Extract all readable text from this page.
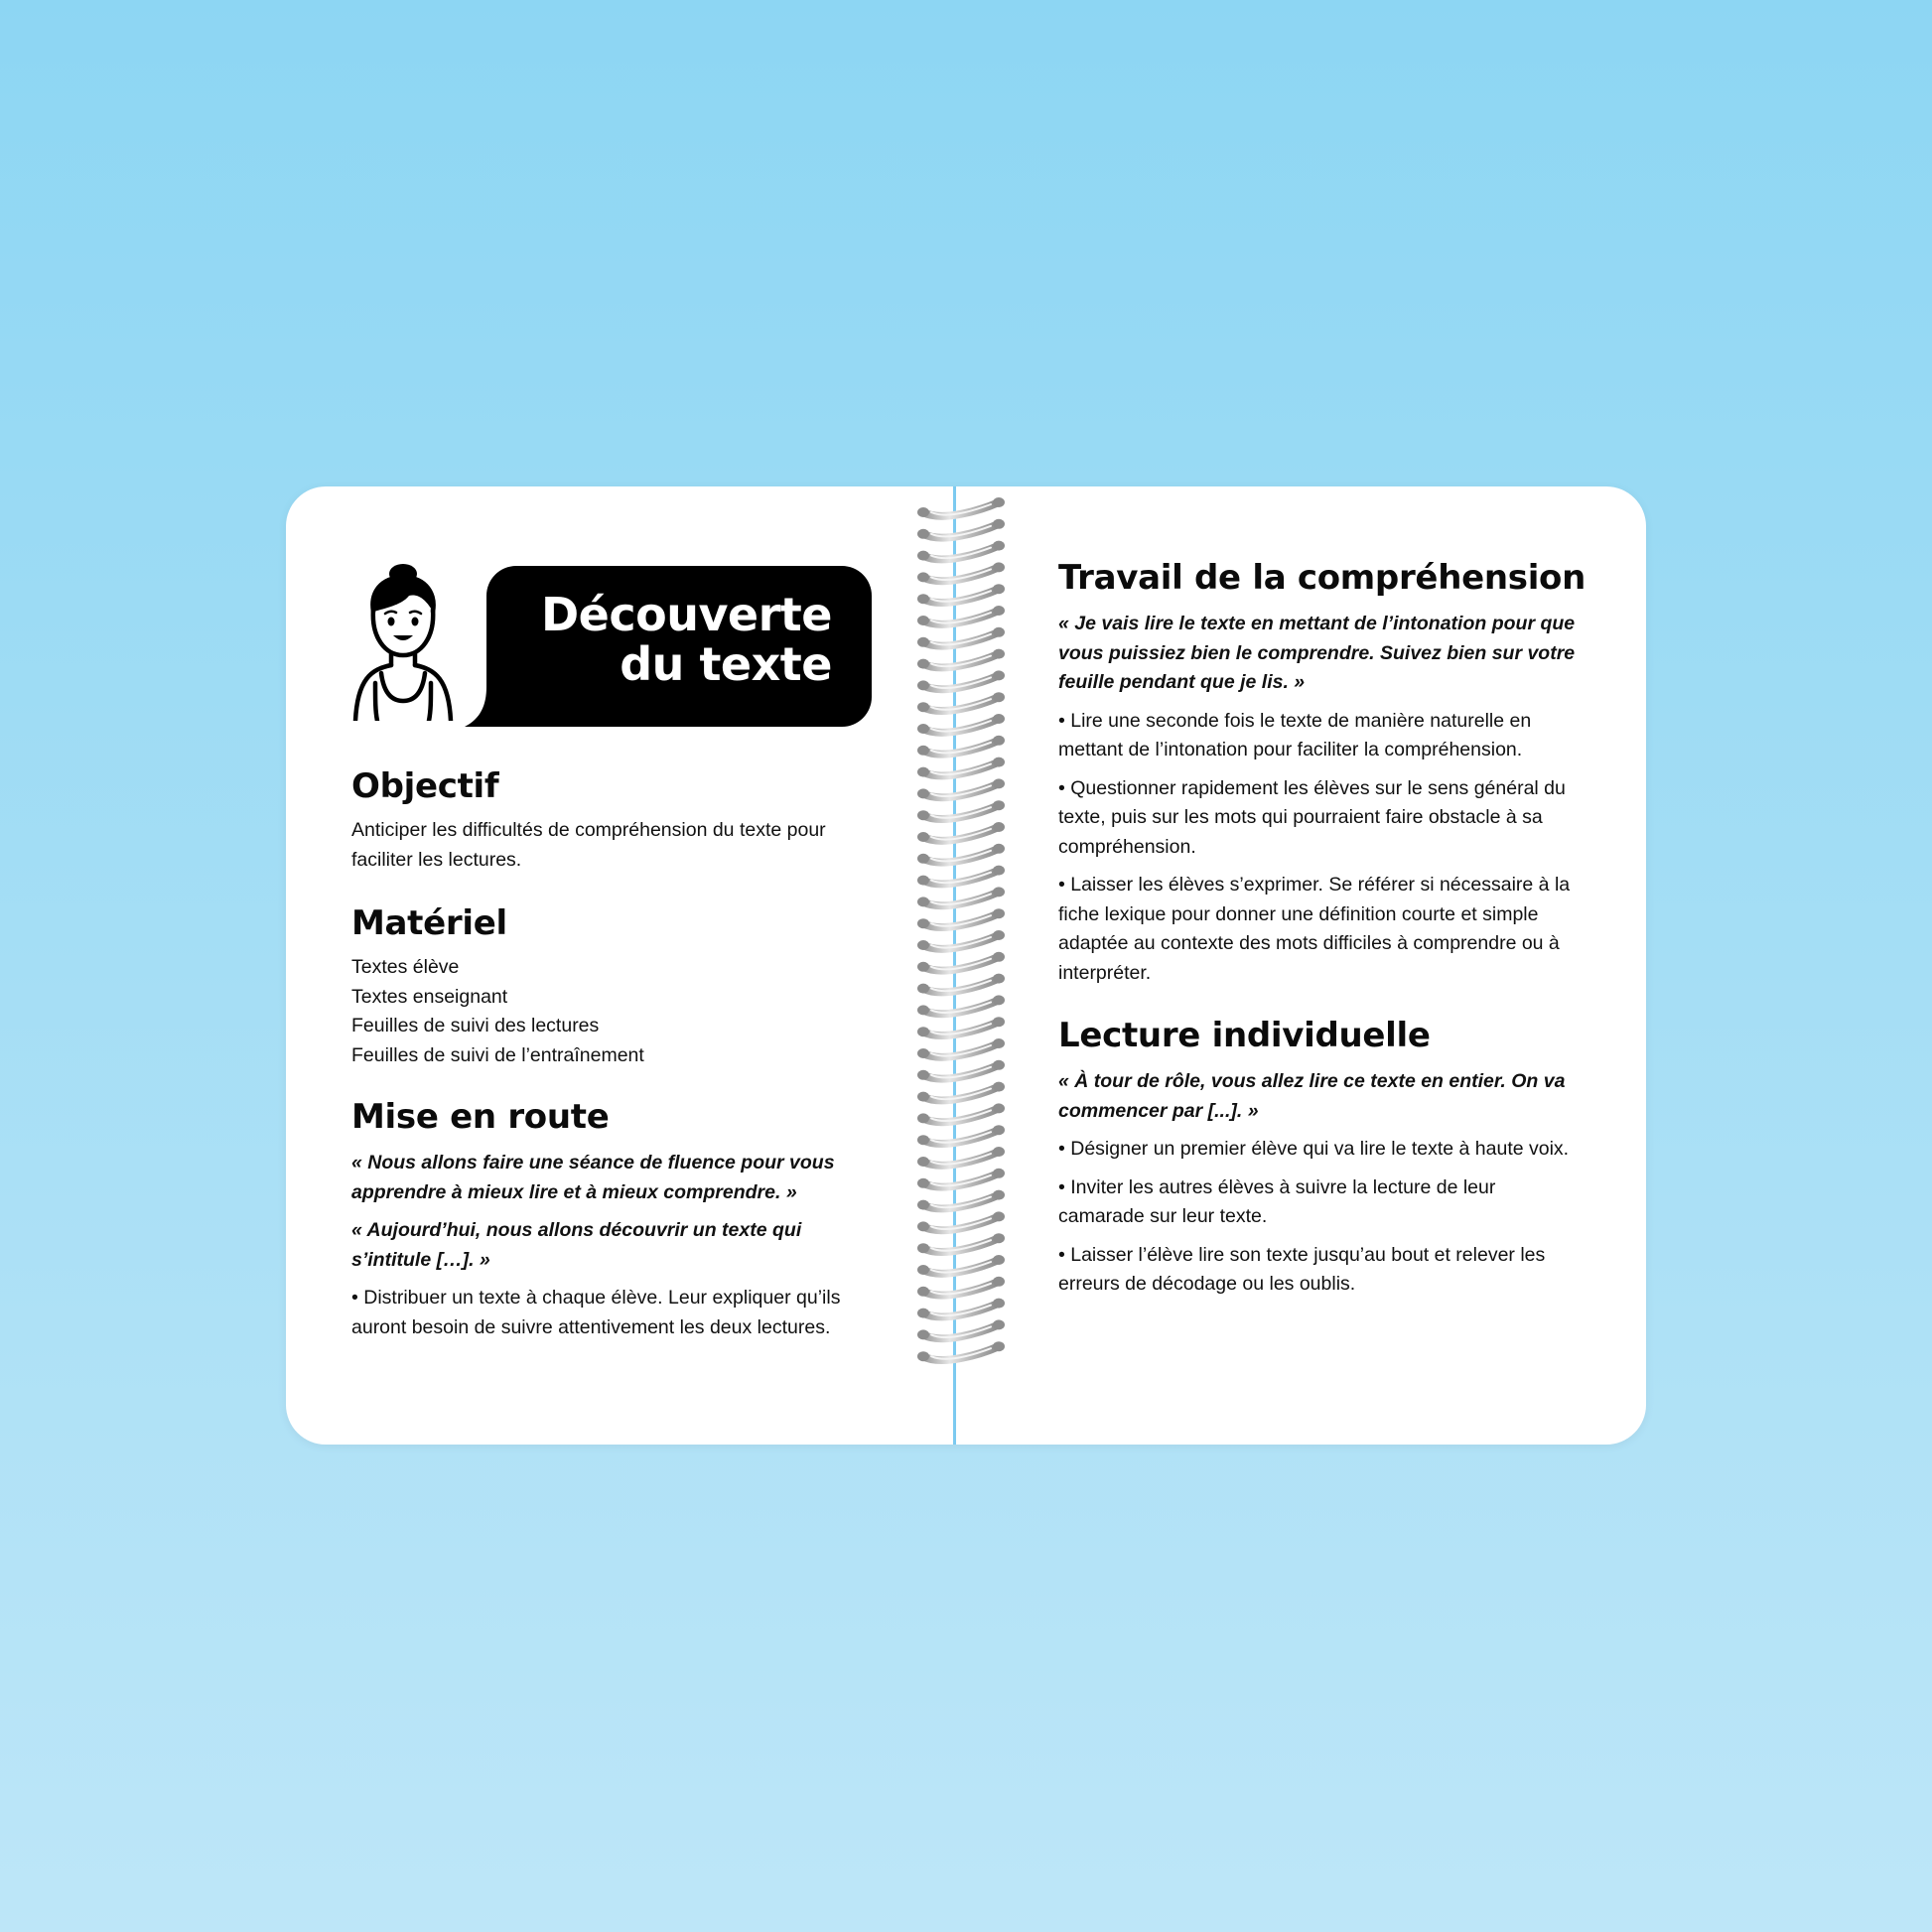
Découverte
du texte
Objectif

Anticiper les difficultés de compréhension du texte pour faciliter les lectures.

Matériel

Textes élève

Textes enseignant

Feuilles de suivi des lectures

Feuilles de suivi de l’entraînement

Mise en route

« Nous allons faire une séance de fluence pour vous apprendre à mieux lire et à mieux comprendre. »

« Aujourd’hui, nous allons découvrir un texte qui s’intitule […]. »

• Distribuer un texte à chaque élève. Leur expliquer qu’ils auront besoin de suivre attentivement les deux lectures.

Travail de la compréhension

« Je vais lire le texte en mettant de l’intonation pour que vous puissiez bien le comprendre. Suivez bien sur votre feuille pendant que je lis. »

• Lire une seconde fois le texte de manière naturelle en mettant de l’intonation pour faciliter la compréhension.

• Questionner rapidement les élèves sur le sens général du texte, puis sur les mots qui pourraient faire obstacle à sa compréhension.

• Laisser les élèves s’exprimer. Se référer si nécessaire à la fiche lexique pour donner une définition courte et simple adaptée au contexte des mots difficiles à comprendre ou à interpréter.

Lecture individuelle

« À tour de rôle, vous allez lire ce texte en entier. On va commencer par [...]. »

• Désigner un premier élève qui va lire le texte à haute voix.

• Inviter les autres élèves à suivre la lecture de leur camarade sur leur texte.

• Laisser l’élève lire son texte jusqu’au bout et relever les erreurs de décodage ou les oublis.
